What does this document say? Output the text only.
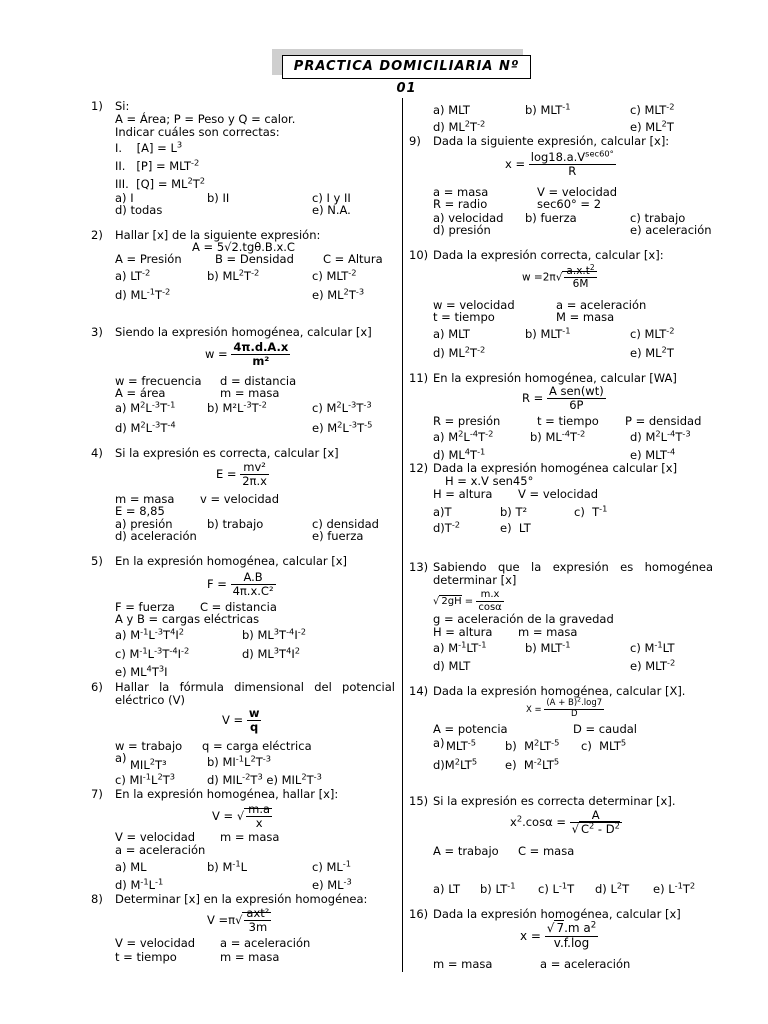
PRACTICA DOMICILIARIA Nº 01
1) Si:
A = Área; P = Peso y Q = calor.
Indicar cuáles son correctas:
I.    $[A] = L^3$
II.   $[P] = MLT^{-2}$
III.  $[Q] = ML^2T^2$
a) I	b) II	c) I y II
d) todas	e) N.A.
2) Hallar [x] de la siguiente expresión:
A = 5√2.tgθ.B.x.C
A = Presión	B = Densidad	C = Altura
a) $LT^{-2}$	b) $ML^2T^{-2}$	c) $MLT^{-2}$
d) $ML^{-1}T^{-2}$	e) $ML^2T^{-3}$
3) Siendo la expresión homogénea, calcular [x]
$w = \frac{4\pi.d.A.x}{\text{m²}}$
w = frecuencia d = distancia
A = área	m = masa
a) $M^2L^{-3}T^{-1}$	b) $M^2L^{-3}T^{-2}$	c) $M^2L^{-3}T^{-3}$
d) $M^2L^{-3}T^{-4}$	e) $M^2L^{-3}T^{-5}$
4) Si la expresión es correcta, calcular [x]
$E = \frac{\text{mv²}}{2\pi.x}$
m = masa v = velocidad
E = 8,85
a) presión	b) trabajo	c) densidad
d) aceleración	e) fuerza
5) En la expresión homogénea, calcular [x]
$F = \frac{A.B}{\text{4π.x.C²}}$
F = fuerza C = distancia
A y B = cargas eléctricas
a) $M^{-1}L^{-3}T^4I^2$	b) $ML^3T^{-4}I^{-2}$
c) $M^{-1}L^{-3}T^{-4}I^{-2}$	d) $ML^3T^4I^2$
e) $ML^4T^3I$
6) Hallar la fórmula dimensional del potencial eléctrico (V)
$V = \frac{w}{q}$
w = trabajo q = carga eléctrica
a) MIL$^2$T³	b) $MI^{-1}L^2T^{-3}$
c) $MI^{-1}L^2T^3$	d) $MIL^{-2}T^3$ e) $MIL^2T^{-3}$
7) En la expresión homogénea, hallar [x]:
V = √ $\frac{m.a}{x}$
V = velocidad m = masa
a = aceleración
a) ML	b) $M^{-1}L$	c) $ML^{-1}$
d) $M^{-1}L^{-1}$	e) $ML^{-3}$
8) Determinar [x] en la expresión homogénea:
$V =\pi√ \frac{\text{axt²}}{3m}$
V = velocidad a = aceleración
t = tiempo	m = masa
a) MLT	b) $MLT^{-1}$	c) $MLT^{-2}$
d) $ML^2T^{-2}$	e) $ML^2T$
9) Dada la siguiente expresión, calcular [x]:
$x = \frac{\log 18.a.V^{sec60^\circ}}{R}$
a = masa	V = velocidad
R = radio	sec60° = 2
a) velocidad b) fuerza	c) trabajo
d) presión	e) aceleración
10) Dada la expresión correcta, calcular [x]:
$w =2\pi√ \frac{a.x.t^2}{6M}$
w = velocidad	a = aceleración
t = tiempo	M = masa
a) MLT	b) $MLT^{-1}$	c) $MLT^{-2}$
d) $ML^2T^{-2}$	e) $ML^2T$
11) En la expresión homogénea, calcular [WA]
$R = \frac{\text{A sen(wt)}}{6P}$
R = presión	t = tiempo P = densidad
a) $M^2L^{-4}T^{-2}$	b) $ML^{-4}T^{-2}$	d) $M^2L^{-4}T^{-3}$
d) $ML^4T^{-1}$	e) $MLT^{-4}$
12) Dada la expresión homogénea calcular [x]
H = x.V sen45°
H = altura V = velocidad
a)T	b) T²	c)  $T^{-1}$
$d)T^{-2}$	e)  LT
13) Sabiendo que la expresión es homogénea determinar [x]
√ $2gH = \frac{m.x}{\cos\alpha}$
g = aceleración de la gravedad
H = altura m = masa
a) $M^{-1}LT^{-1}$	b) $MLT^{-1}$	c) $M^{-1}LT$
d) MLT	e) $MLT^{-2}$
14) Dada la expresión homogénea, calcular [X].
$X = \frac{(A + B)^2.\log 7}{D}$
A = potencia	D = caudal
a) $MLT^{-5}$	b)  $M^2LT^{-5}$ c)  MLT$^5$
$d)M^2LT^5$ e)  $M^{-2}LT^5$
15) Si la expresión es correcta determinar [x].
$x^2.\cos\alpha = \frac{A}{√ C^2 - D^2}$
A = trabajo C = masa
a) LT b) $LT^{-1}$ c) $L^{-1}T$ d) $L^2T$ e) $L^{-1}T^2$
16) Dada la expresión homogénea, calcular [x]
$x = \frac{√ 7.m a^2}{v.f.\log}$
m = masa	a = aceleración
